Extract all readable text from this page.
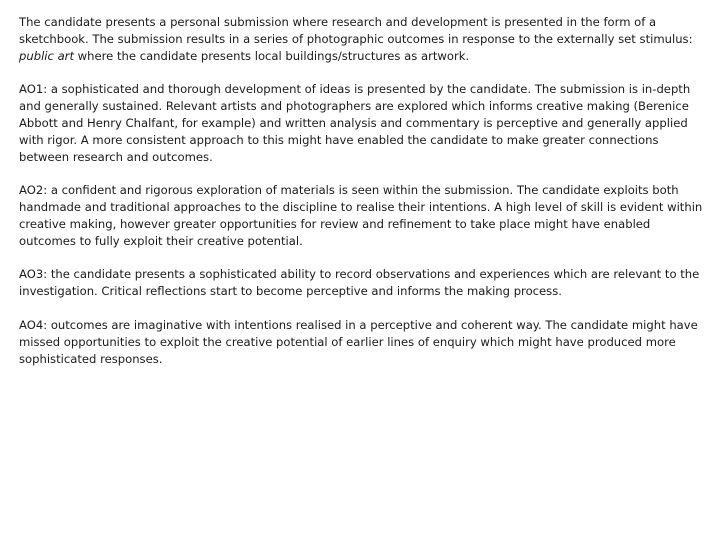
The candidate presents a personal submission where research and development is presented in the form of a sketchbook. The submission results in a series of photographic outcomes in response to the externally set stimulus: public art where the candidate presents local buildings/structures as artwork.

AO1: a sophisticated and thorough development of ideas is presented by the candidate. The submission is in-depth and generally sustained. Relevant artists and photographers are explored which informs creative making (Berenice Abbott and Henry Chalfant, for example) and written analysis and commentary is perceptive and generally applied with rigor. A more consistent approach to this might have enabled the candidate to make greater connections between research and outcomes.

AO2: a confident and rigorous exploration of materials is seen within the submission. The candidate exploits both handmade and traditional approaches to the discipline to realise their intentions. A high level of skill is evident within creative making, however greater opportunities for review and refinement to take place might have enabled outcomes to fully exploit their creative potential.

AO3: the candidate presents a sophisticated ability to record observations and experiences which are relevant to the investigation. Critical reflections start to become perceptive and informs the making process.

AO4: outcomes are imaginative with intentions realised in a perceptive and coherent way. The candidate might have missed opportunities to exploit the creative potential of earlier lines of enquiry which might have produced more sophisticated responses.
